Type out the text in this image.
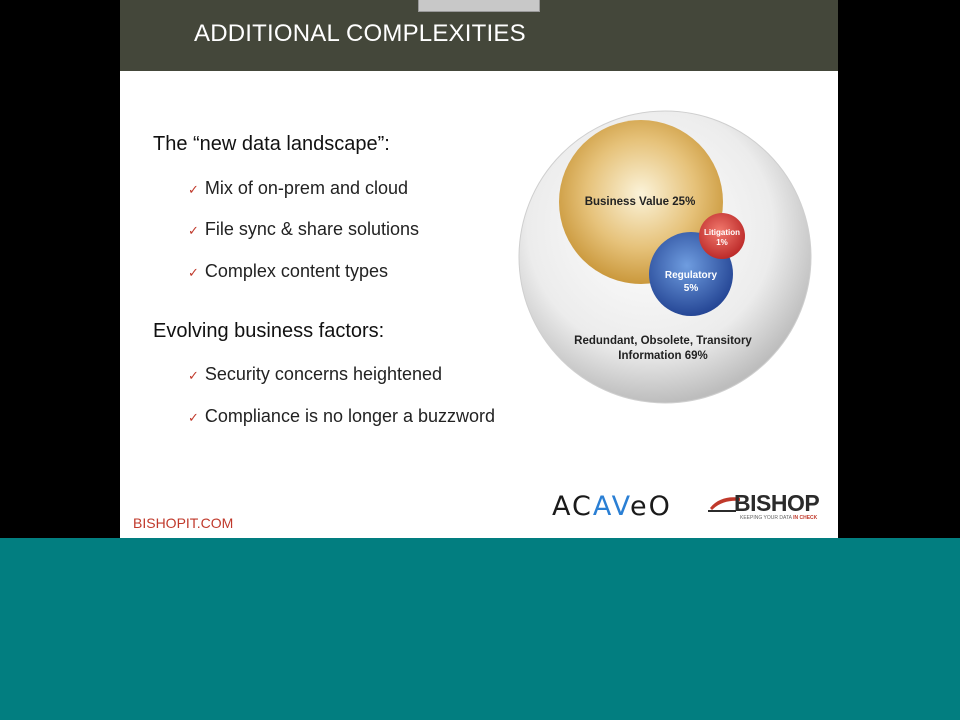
ADDITIONAL COMPLEXITIES
The “new data landscape”:
✓ Mix of on-prem and cloud
✓ File sync & share solutions
✓ Complex content types
Evolving business factors:
✓ Security concerns heightened
✓ Compliance is no longer a buzzword
Business Value 25%
Litigation
1%
Regulatory
5%
Redundant, Obsolete, Transitory
Information 69%
BISHOPIT.COM
ACAVeO	BISHOP
KEEPING YOUR DATA IN CHECK
